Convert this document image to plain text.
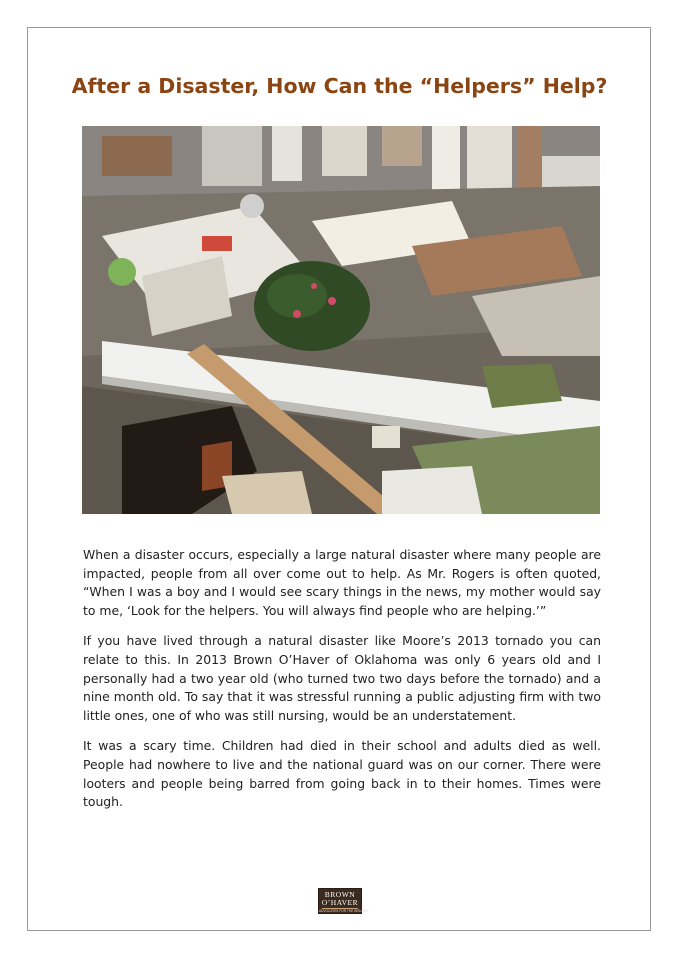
After a Disaster, How Can the “Helpers” Help?

When a disaster occurs, especially a large natural disaster where many people are impacted, people from all over come out to help. As Mr. Rogers is often quoted, “When I was a boy and I would see scary things in the news, my mother would say to me, ‘Look for the helpers. You will always find people who are helping.’”

If you have lived through a natural disaster like Moore’s 2013 tornado you can relate to this. In 2013 Brown O’Haver of Oklahoma was only 6 years old and I personally had a two year old (who turned two two days before the tornado) and a nine month old. To say that it was stressful running a public adjusting firm with two little ones, one of who was still nursing, would be an understatement.

It was a scary time. Children had died in their school and adults died as well. People had nowhere to live and the national guard was on our corner. There were looters and people being barred from going back in to their homes. Times were tough.

BROWN
O’HAVER
ADVOCATES FOR THE INSURED
